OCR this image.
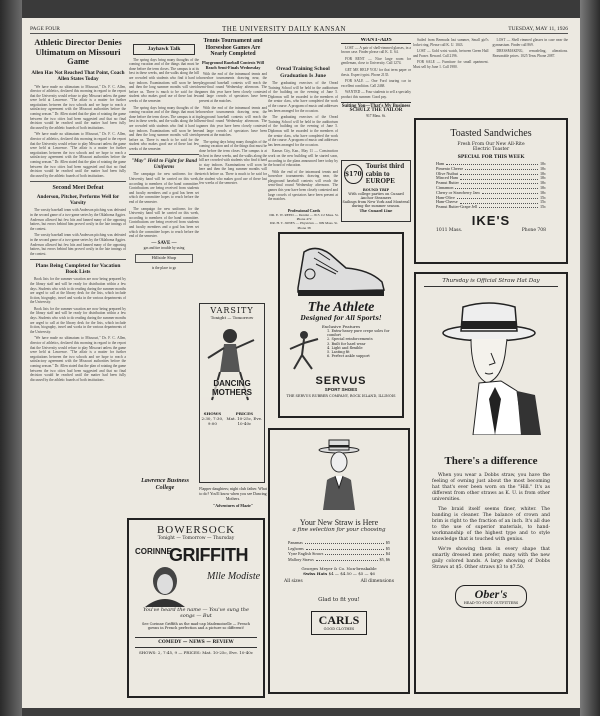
PAGE FOUR	THE UNIVERSITY DAILY KANSAN	TUESDAY, MAY 11, 1926
Athletic Director Denies Ultimatum on Missouri Game
Allen Has Not Reached That Point, Coach Allen States Today

"We have made no ultimatum to Missouri," Dr. F. C. Allen, director of athletics, declared this morning in regard to the report that the University would refuse to play Missouri unless the game were held at Lawrence. "The affair is a matter for further negotiations between the two schools and we hope to reach a satisfactory agreement with the Missouri authorities before the coming season." Dr. Allen stated that the plan of rotating the game between the two cities had been suggested and that no final decision would be reached until the matter had been fully discussed by the athletic boards of both institutions.

"We have made no ultimatum to Missouri," Dr. F. C. Allen, director of athletics, declared this morning in regard to the report that the University would refuse to play Missouri unless the game were held at Lawrence. "The affair is a matter for further negotiations between the two schools and we hope to reach a satisfactory agreement with the Missouri authorities before the coming season." Dr. Allen stated that the plan of rotating the game between the two cities had been suggested and that no final decision would be reached until the matter had been fully discussed by the athletic boards of both institutions.

Second Meet Defeat
Anderson, Pitcher, Performs Well for Varsity

The varsity baseball team with Anderson pitching was defeated in the second game of a two-game series by the Oklahoma Aggies. Anderson allowed but few hits and fanned many of the opposing batters, but errors behind him proved costly in the late innings of the contest.

The varsity baseball team with Anderson pitching was defeated in the second game of a two-game series by the Oklahoma Aggies. Anderson allowed but few hits and fanned many of the opposing batters, but errors behind him proved costly in the late innings of the contest.

Plans Being Completed for Vacation Book Lists

Book lists for the summer vacation are now being prepared by the library staff and will be ready for distribution within a few days. Students who wish to do reading during the summer months are urged to call at the library desk for the lists, which include fiction, biography, travel and works in the various departments of the University.

Book lists for the summer vacation are now being prepared by the library staff and will be ready for distribution within a few days. Students who wish to do reading during the summer months are urged to call at the library desk for the lists, which include fiction, biography, travel and works in the various departments of the University.

"We have made no ultimatum to Missouri," Dr. F. C. Allen, director of athletics, declared this morning in regard to the report that the University would refuse to play Missouri unless the game were held at Lawrence. "The affair is a matter for further negotiations between the two schools and we hope to reach a satisfactory agreement with the Missouri authorities before the coming season." Dr. Allen stated that the plan of rotating the game between the two cities had been suggested and that no final decision would be reached until the matter had been fully discussed by the athletic boards of both institutions.

Jayhawk Talk

The spring days bring many thoughts of the coming vacation and of the things that must be done before the term closes. The campus is at its best in these weeks, and the walks along the hill are crowded with students who find it hard to stay indoors. Examinations will soon be here and then the long summer months will stretch before us. There is much to be said for the student who makes good use of these last few weeks of the semester.

The spring days bring many thoughts of the coming vacation and of the things that must be done before the term closes. The campus is at its best in these weeks, and the walks along the hill are crowded with students who find it hard to stay indoors. Examinations will soon be here and then the long summer months will stretch before us. There is much to be said for the student who makes good use of these last few weeks of the semester.

"May" Held to Fight for Band Uniforms

The campaign for new uniforms for the University band will be carried on this week, according to members of the band committee. Contributions are being received from students and faculty members and a goal has been set which the committee hopes to reach before the end of the semester.

The campaign for new uniforms for the University band will be carried on this week, according to members of the band committee. Contributions are being received from students and faculty members and a goal has been set which the committee hopes to reach before the end of the semester.

— SAVE —
gas and tire trouble by using
Hillside Shop
is the place to go
Lawrence Business College
BOWERSOCK
Tonight — Tomorrow — Thursday
CORINNE
GRIFFITH
Mlle Modiste
You've heard the name — You've sung the songs — But
See Corinne Griffith as the mad-cap Mademoiselle — French gowns in French perfection and a picture so different!
COMEDY — NEWS — REVIEW
SHOWS: 2, 7:45, 9 — PRICES: Mat. 10-25c, Eve. 10-40c
Tennis Tournament and Horseshoe Games Are Nearly Completed
Playground Baseball Contests Will Reach Semi-Finals Wednesday

With the end of the intramural tennis and horseshoe tournaments drawing near, the playground baseball contests will reach the semi-final round Wednesday afternoon. The games this year have been closely contested and large crowds of spectators have been present at the matches.

With the end of the intramural tennis and horseshoe tournaments drawing near, the playground baseball contests will reach the semi-final round Wednesday afternoon. The games this year have been closely contested and large crowds of spectators have been present at the matches.

The spring days bring many thoughts of the coming vacation and of the things that must be done before the term closes. The campus is at its best in these weeks, and the walks along the hill are crowded with students who find it hard to stay indoors. Examinations will soon be here and then the long summer months will stretch before us. There is much to be said for the student who makes good use of these last few weeks of the semester.

VARSITY
Tonight — Tomorrow
DANCING MOTHERS
SHOWS
2:30, 7:30, 9:00
PRICES
Mat. 10-25c, Eve. 10-40c
Flapper daughters; night club father. What to do? You'll know when you see Dancing Mothers.
"Adventures of Mazie"
Oread Training School Graduation Is June

The graduating exercises of the Oread Training School will be held in the auditorium of the building on the evening of June 5. Diplomas will be awarded to the members of the senior class, who have completed the work of the course. A program of music and addresses has been arranged for the occasion.

The graduating exercises of the Oread Training School will be held in the auditorium of the building on the evening of June 5. Diplomas will be awarded to the members of the senior class, who have completed the work of the course. A program of music and addresses has been arranged for the occasion.

Kansas City, Kan., May 11 — Construction work on the new building will be started soon, according to the plans announced here today by the board of education.

With the end of the intramural tennis and horseshoe tournaments drawing near, the playground baseball contests will reach the semi-final round Wednesday afternoon. The games this year have been closely contested and large crowds of spectators have been present at the matches.

WANT-ADS

LOST — A pair of shell-rimmed glasses, in a brown case. Finder please call K. U. 64.

FOR RENT — Nice large room for gentleman, close to University. Call 1274.

GET ME HELP YOU for that term paper or thesis. Expert typist. Phone 2135.

FOR SALE — One Ford touring car in excellent condition. Call 2468.

WANTED — Four students to sell a specialty product this summer. Good pay.

Suiting You—That's My Business
SCHULZ THE TAILOR
917 Mass. St.

Sailed from Bermuda last summer, Small girl's locket ring, Please call K. U. 1043.

LOST — Gold wrist watch, between Green Hall and Fraser. Reward. Call 2196.

FOR SALE — Furniture for small apartment. Must sell by June 1. Call 1980.

LOST — Shell rimmed glasses in case near the gymnasium. Finder call 869.

DRESSMAKING, remodeling, alterations. Reasonable prices. 1025 Tenn. Phone 2087.

$170
Tourist third cabin to EUROPE
ROUND TRIP
With college parties on Cunard Anchor Steamers
Sailings from New York and Montreal during the summer season.
The Cunard Line
Professional Cards
DR. E. W. REED — Dentist — 815 1/2 Mass. St. Phone 472
DR. H. T. JONES — Physician — 909 Mass. St. Phone 38
The Athlete
Designed for All Sports!
Exclusive Features
1. Extra-heavy pure crepe soles for comfort
2. Special reinforcements
3. Built for hard wear
4. Light and flexible
5. Lasting fit
6. Perfect ankle support
SERVUS
SPORT SHOES
THE SERVUS RUBBER COMPANY, ROCK ISLAND, ILLINOIS
Your New Straw is Here
a fine selection for your choosing
Panamas	$5
Leghorns	$5
Yyne English Straws	$4
Mallory Straws	$5, $6
Georges Meyer & Co. Non-breakable
Swiss Hats $4 — $4.50 — $5 — $6
All sizes	All dimensions
Glad to fit you!
CARLS
GOOD CLOTHES
Toasted Sandwiches
Fresh From Our New All-Rite
Electric Toaster
SPECIAL FOR THIS WEEK
Ham	10c
Pimento Cheese	10c
Olive Nutbut	10c
Minced Ham	10c
Peanut Butter	10c
Cinnamon	10c
Cherry or Strawberry Jam	10c
Ham-Olive	15c
Ham-Cheese	15c
Peanut Butter-Grape Jell	15c
IKE'S
1011 Mass.	Phone 708
Thursday is Official Straw Hat Day
There's a difference

When you wear a Dobbs straw, you have the feeling of owning just about the most becoming hat that's ever been worn on the "Hill." It's as different from other straws as K. U. is from other universities.

The braid itself seems finer, whiter. The banding is cleaner. The balance of crown and brim is right to the fraction of an inch. It's all due to the use of superior materials, to hand-workmanship of the highest type and to style knowledge that is touched with genius.

We're showing them in every shape that smartly dressed men prefer, many with the new gaily colored bands. A large showing of Dobbs Straws at $5. Other straws $3 to $7.50.

Ober's
HEAD-TO-FOOT OUTFITTERS
